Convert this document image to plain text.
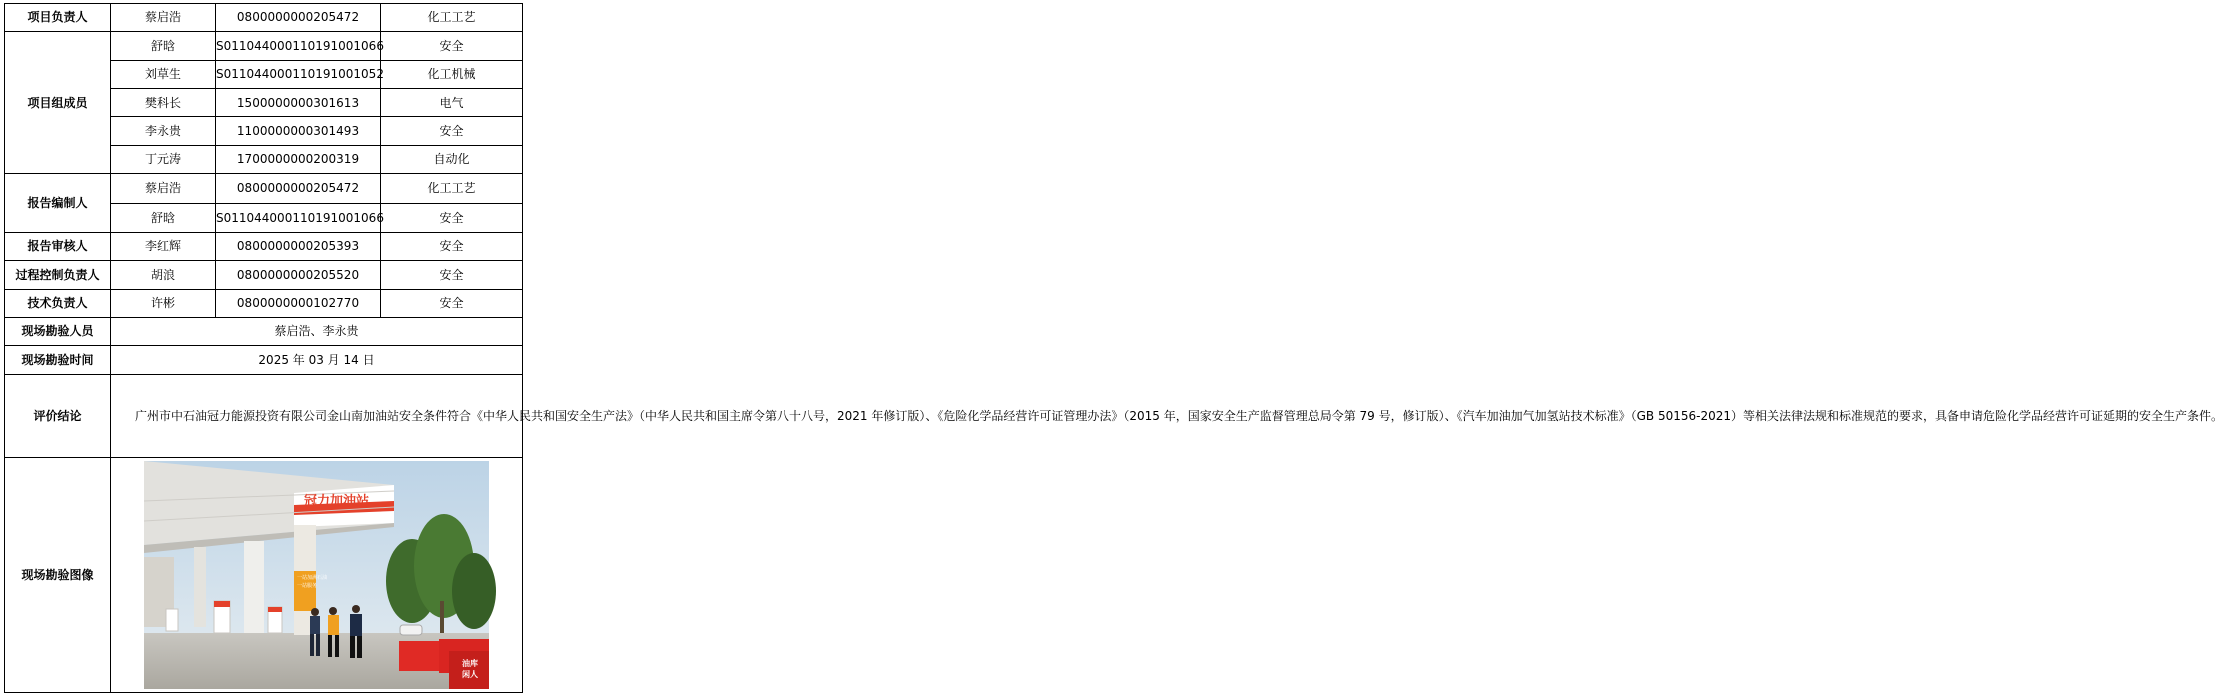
项目负责人	蔡启浩	0800000000205472	化工工艺
项目组成员	舒晗	S011044000110191001066	安全
	刘草生	S011044000110191001052	化工机械
	樊科长	1500000000301613	电气
	李永贵	1100000000301493	安全
	丁元涛	1700000000200319	自动化
报告编制人	蔡启浩	0800000000205472	化工工艺
	舒晗	S011044000110191001066	安全
报告审核人	李红辉	0800000000205393	安全
过程控制负责人	胡浪	0800000000205520	安全
技术负责人	许彬	0800000000102770	安全
现场勘验人员	蔡启浩、李永贵		
现场勘验时间	2025 年 03 月 14 日		
评价结论	广州市中石油冠力能源投资有限公司金山南加油站安全条件符合《中华人民共和国安全生产法》（中华人民共和国主席令第八十八号，2021 年修订版）、《危险化学品经营许可证管理办法》（2015 年，国家安全生产监督管理总局令第 79 号，修订版）、《汽车加油加气加氢站技术标准》（GB 50156-2021）等相关法律法规和标准规范的要求，具备申请危险化学品经营许可证延期的安全生产条件。		

现场勘验图像	冠力加油站
一站加满石油
一站服务
油库
闲人		
